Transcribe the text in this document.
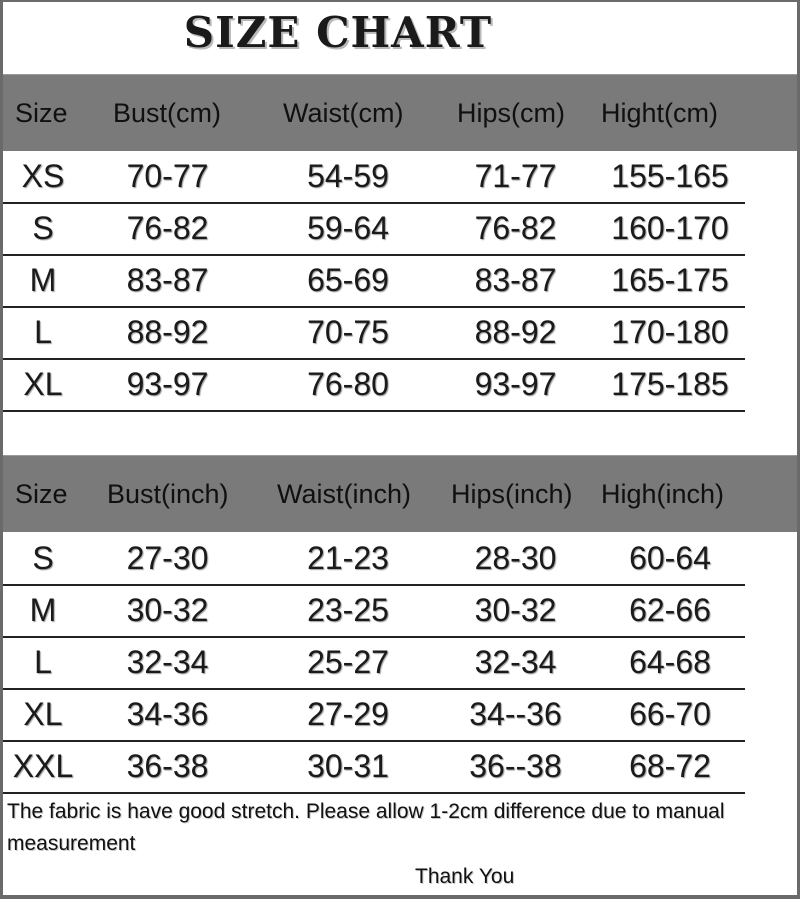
SIZE CHART
Size Bust(cm) Waist(cm) Hips(cm) Hight(cm)
XS	70-77	54-59	71-77	155-165
S	76-82	59-64	76-82	160-170
M	83-87	65-69	83-87	165-175
L	88-92	70-75	88-92	170-180
XL	93-97	76-80	93-97	175-185
Size Bust(inch) Waist(inch) Hips(inch) High(inch)
S	27-30	21-23	28-30	60-64
M	30-32	23-25	30-32	62-66
L	32-34	25-27	32-34	64-68
XL	34-36	27-29	34--36	66-70
XXL	36-38	30-31	36--38	68-72
The fabric is have good stretch. Please allow 1-2cm difference due to manual measurement
Thank You
